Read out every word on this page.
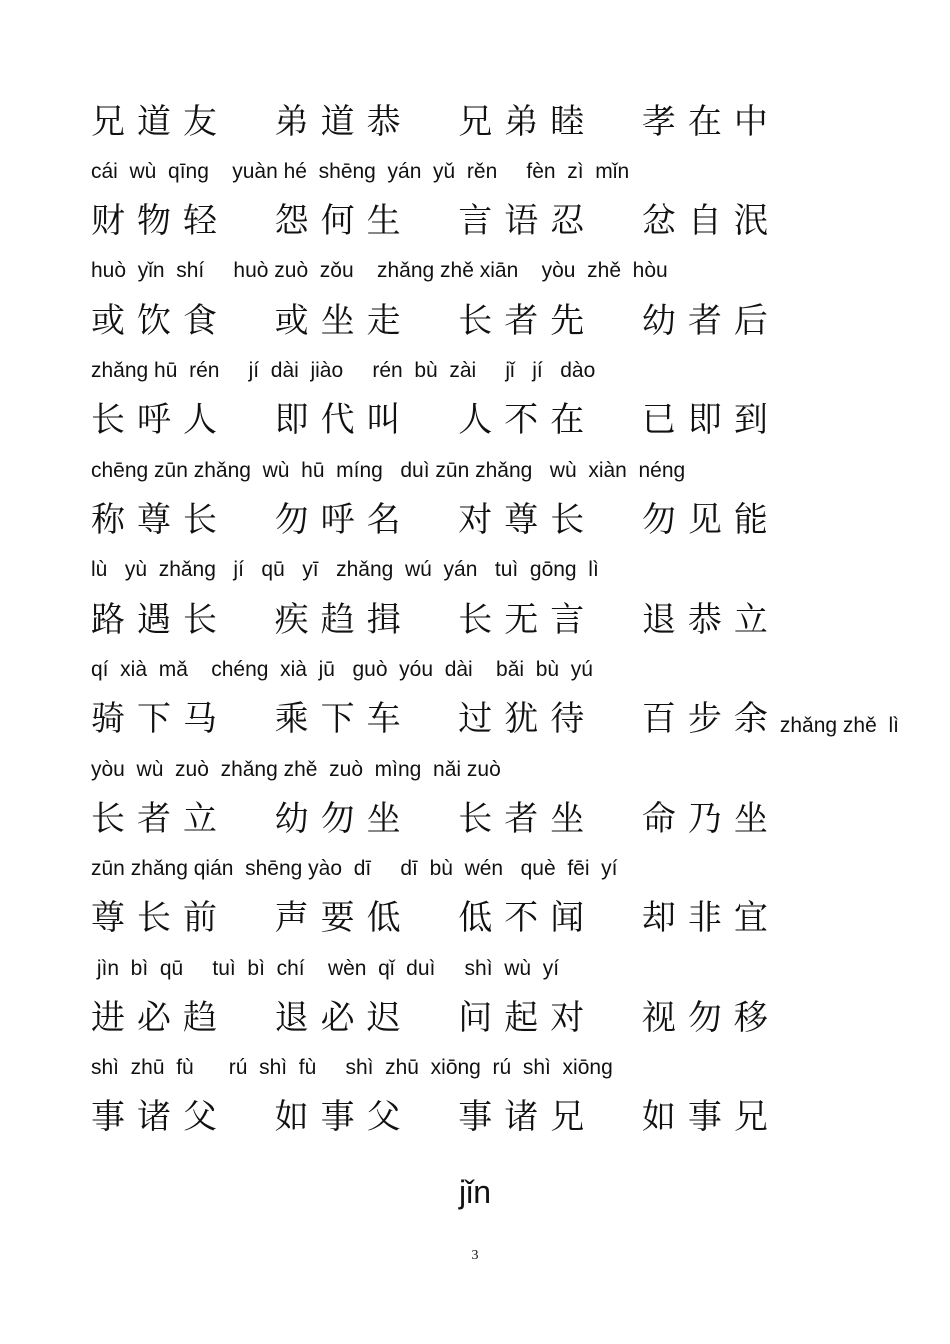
兄道友  弟道恭  兄弟睦  孝在中
cái  wù  qīng    yuàn hé  shēng  yán  yǔ  rěn     fèn  zì  mǐn
财物轻  怨何生  言语忍  忿自泯
huò  yǐn  shí     huò zuò  zǒu    zhǎng zhě xiān    yòu  zhě  hòu
或饮食  或坐走  长者先  幼者后
zhǎng hū  rén     jí  dài  jiào     rén  bù  zài     jǐ   jí   dào
长呼人  即代叫  人不在  已即到
chēng zūn zhǎng  wù  hū  míng   duì zūn zhǎng   wù  xiàn  néng
称尊长  勿呼名  对尊长  勿见能
lù   yù  zhǎng   jí   qū   yī   zhǎng  wú  yán   tuì  gōng  lì
路遇长  疾趋揖  长无言  退恭立
qí  xià  mǎ    chéng  xià  jū   guò  yóu  dài    bǎi  bù  yú
骑下马  乘下车  过犹待  百步余zhǎng zhě  lì
yòu  wù  zuò  zhǎng zhě  zuò  mìng  nǎi zuò
长者立  幼勿坐  长者坐  命乃坐
zūn zhǎng qián  shēng yào  dī     dī  bù  wén   què  fēi  yí
尊长前  声要低  低不闻  却非宜
jìn  bì  qū     tuì  bì  chí    wèn  qǐ  duì     shì  wù  yí
进必趋  退必迟  问起对  视勿移
shì  zhū  fù      rú  shì  fù     shì  zhū  xiōng  rú  shì  xiōng
事诸父  如事父  事诸兄  如事兄
jǐn
3
